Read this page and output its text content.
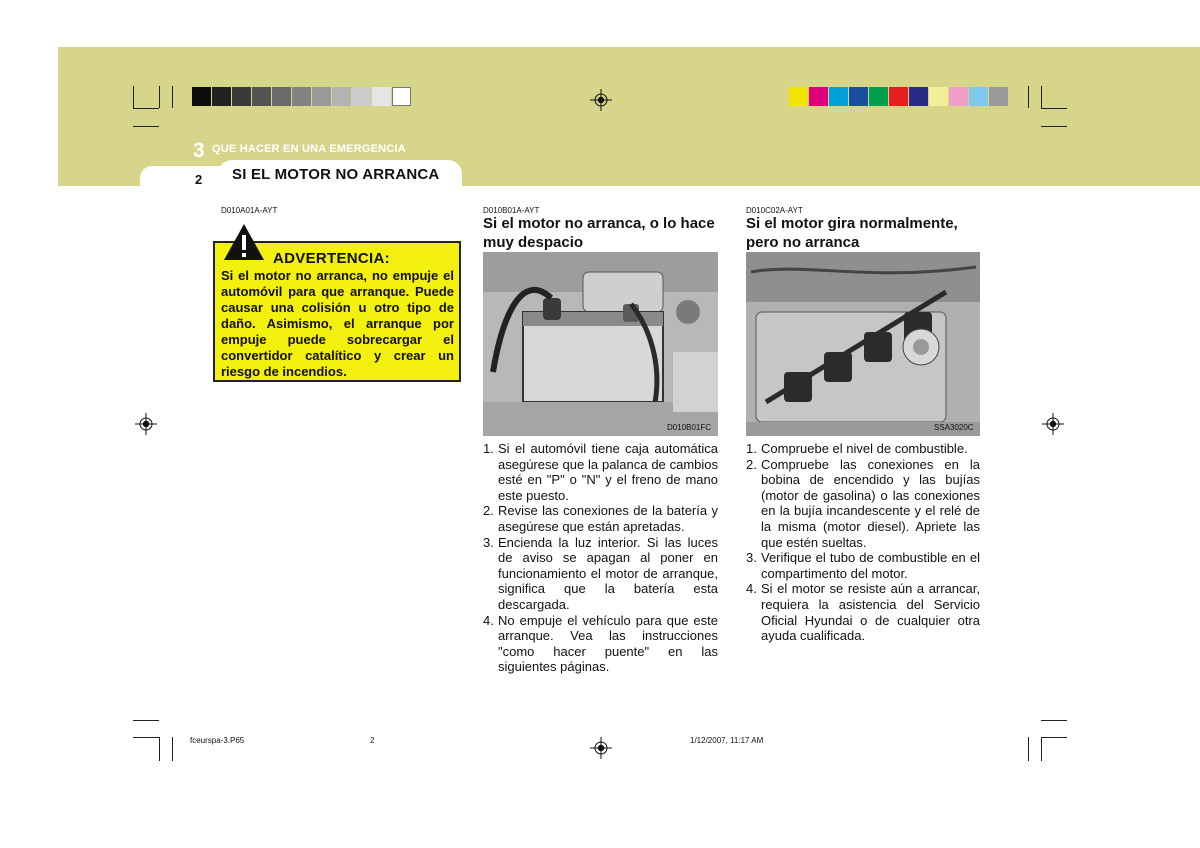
3 QUE HACER EN UNA EMERGENCIA
2 SI EL MOTOR NO ARRANCA
D010A01A-AYT
ADVERTENCIA:
Si el motor no arranca, no empuje el automóvil para que arranque. Puede causar una colisión u otro tipo de daño. Asimismo, el arranque por empuje puede sobrecargar el convertidor catalítico y crear un riesgo de incendios.
D010B01A-AYT
Si el motor no arranca, o lo hace
muy despacio
D010B01FC
1. Si el automóvil tiene caja automática asegúrese que la palanca de cambios esté en "P" o "N" y el freno de mano este puesto.
2. Revise las conexiones de la batería y asegúrese que están apretadas.
3. Encienda la luz interior. Si las luces de aviso se apagan al poner en funcionamiento el motor de arranque, significa que la batería esta descargada.
4. No empuje el vehículo para que este arranque. Vea las instrucciones "como hacer puente" en las siguientes páginas.
D010C02A-AYT
Si el motor gira normalmente,
pero no arranca
SSA3020C
1. Compruebe el nivel de combustible.
2. Compruebe las conexiones en la bobina de encendido y las bujías (motor de gasolina) o las conexiones en la bujía incandescente y el relé de la misma (motor diesel). Apriete las que estén sueltas.
3. Verifique el tubo de combustible en el compartimento del motor.
4. Si el motor se resiste aún a arrancar, requiera la asistencia del Servicio Oficial Hyundai o de cualquier otra ayuda cualificada.
fceurspa-3.P65	2	1/12/2007, 11:17 AM
